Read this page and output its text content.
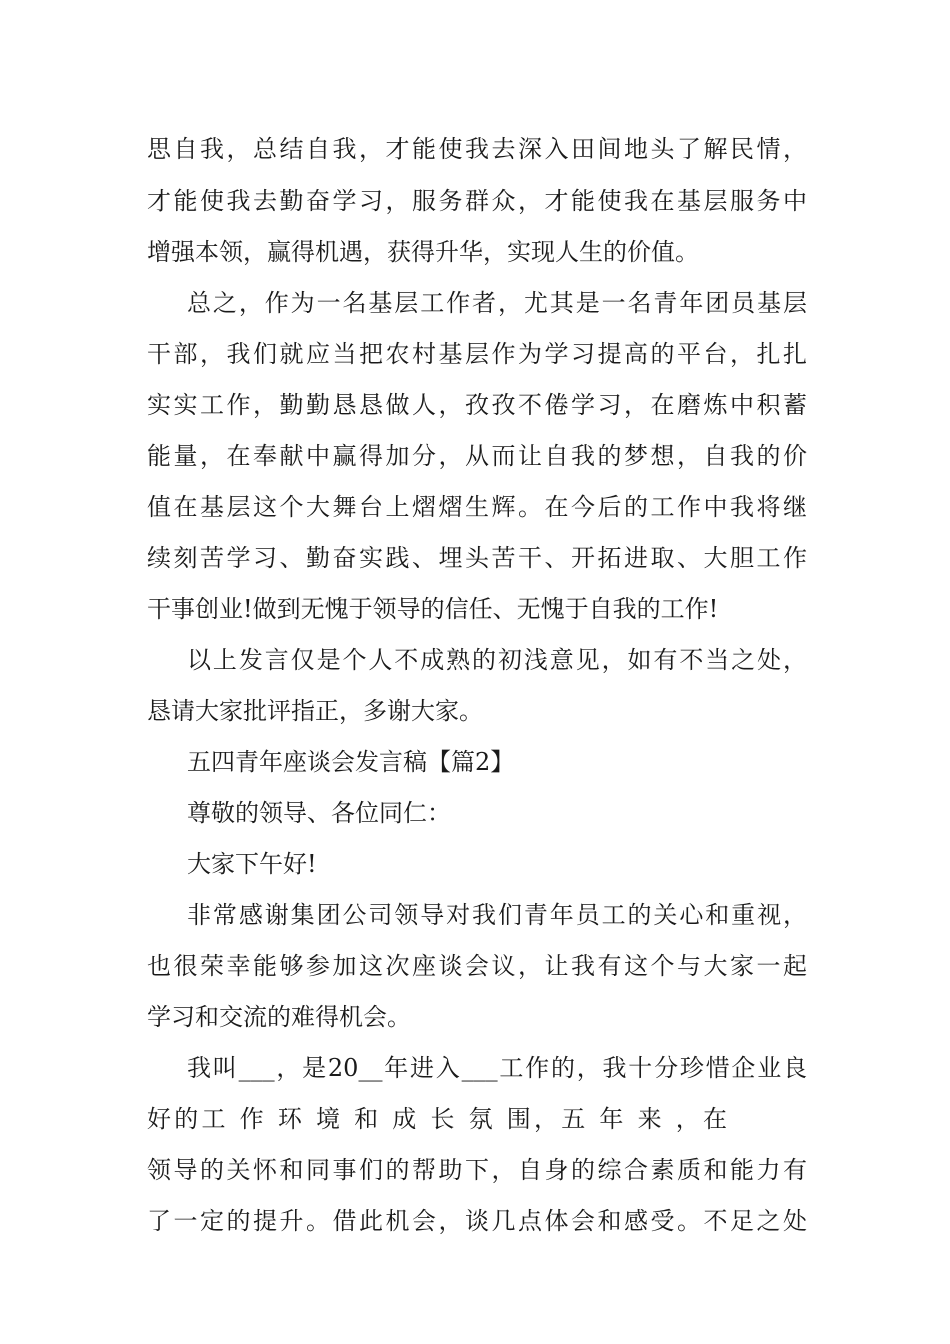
思自我，总结自我，才能使我去深入田间地头了解民情，
才能使我去勤奋学习，服务群众，才能使我在基层服务中
增强本领，赢得机遇，获得升华，实现人生的价值。
总之，作为一名基层工作者，尤其是一名青年团员基层
干部，我们就应当把农村基层作为学习提高的平台，扎扎
实实工作，勤勤恳恳做人，孜孜不倦学习，在磨炼中积蓄
能量，在奉献中赢得加分，从而让自我的梦想，自我的价
值在基层这个大舞台上熠熠生辉。在今后的工作中我将继
续刻苦学习、勤奋实践、埋头苦干、开拓进取、大胆工作
干事创业!做到无愧于领导的信任、无愧于自我的工作!
以上发言仅是个人不成熟的初浅意见，如有不当之处，
恳请大家批评指正，多谢大家。
五四青年座谈会发言稿【篇2】
尊敬的领导、各位同仁：
大家下午好!
非常感谢集团公司领导对我们青年员工的关心和重视，
也很荣幸能够参加这次座谈会议，让我有这个与大家一起
学习和交流的难得机会。
我叫___，是20__年进入___工作的，我十分珍惜企业良
好的工 作 环 境 和 成 长 氛 围，五 年 来 ，在
领导的关怀和同事们的帮助下，自身的综合素质和能力有
了一定的提升。借此机会，谈几点体会和感受。不足之处
